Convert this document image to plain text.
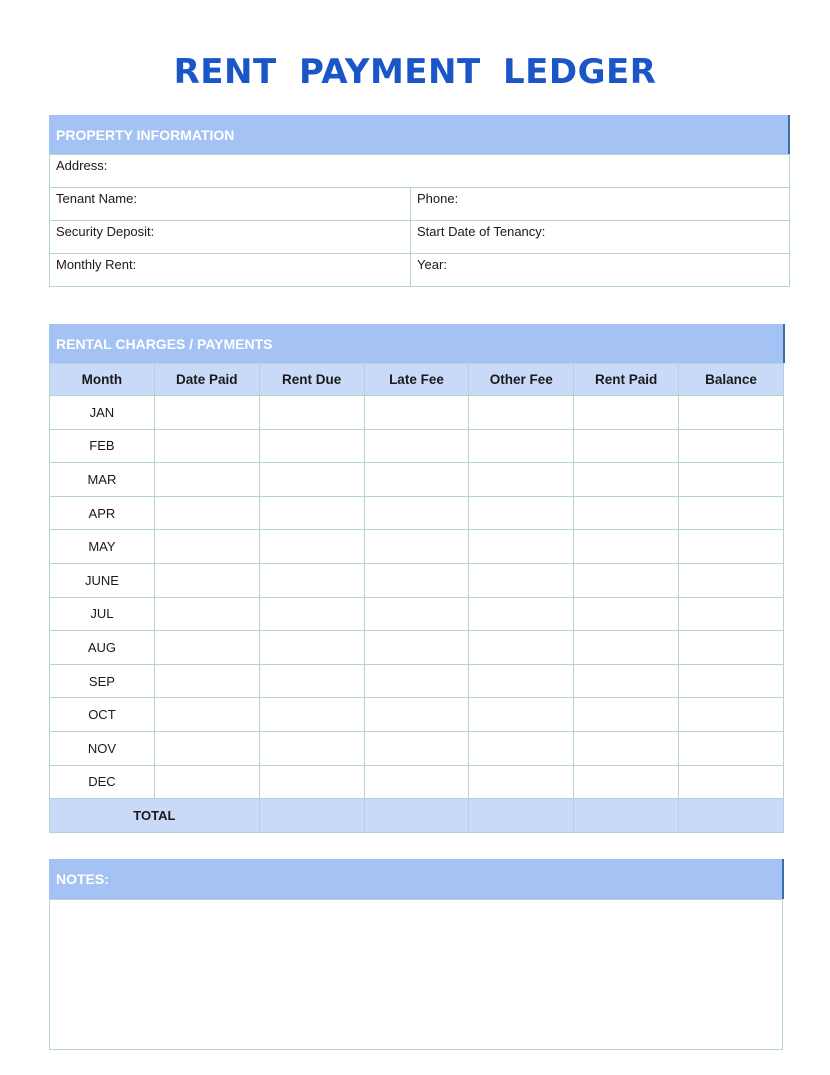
RENT PAYMENT LEDGER
PROPERTY INFORMATION
Address:	
Tenant Name:	Phone:
Security Deposit:	Start Date of Tenancy:
Monthly Rent:	Year:
RENTAL CHARGES / PAYMENTS
Month	Date Paid	Rent Due	Late Fee	Other Fee	Rent Paid	Balance
JAN						
FEB						
MAR						
APR						
MAY						
JUNE						
JUL						
AUG						
SEP						
OCT						
NOV						
DEC						
TOTAL						
NOTES:
